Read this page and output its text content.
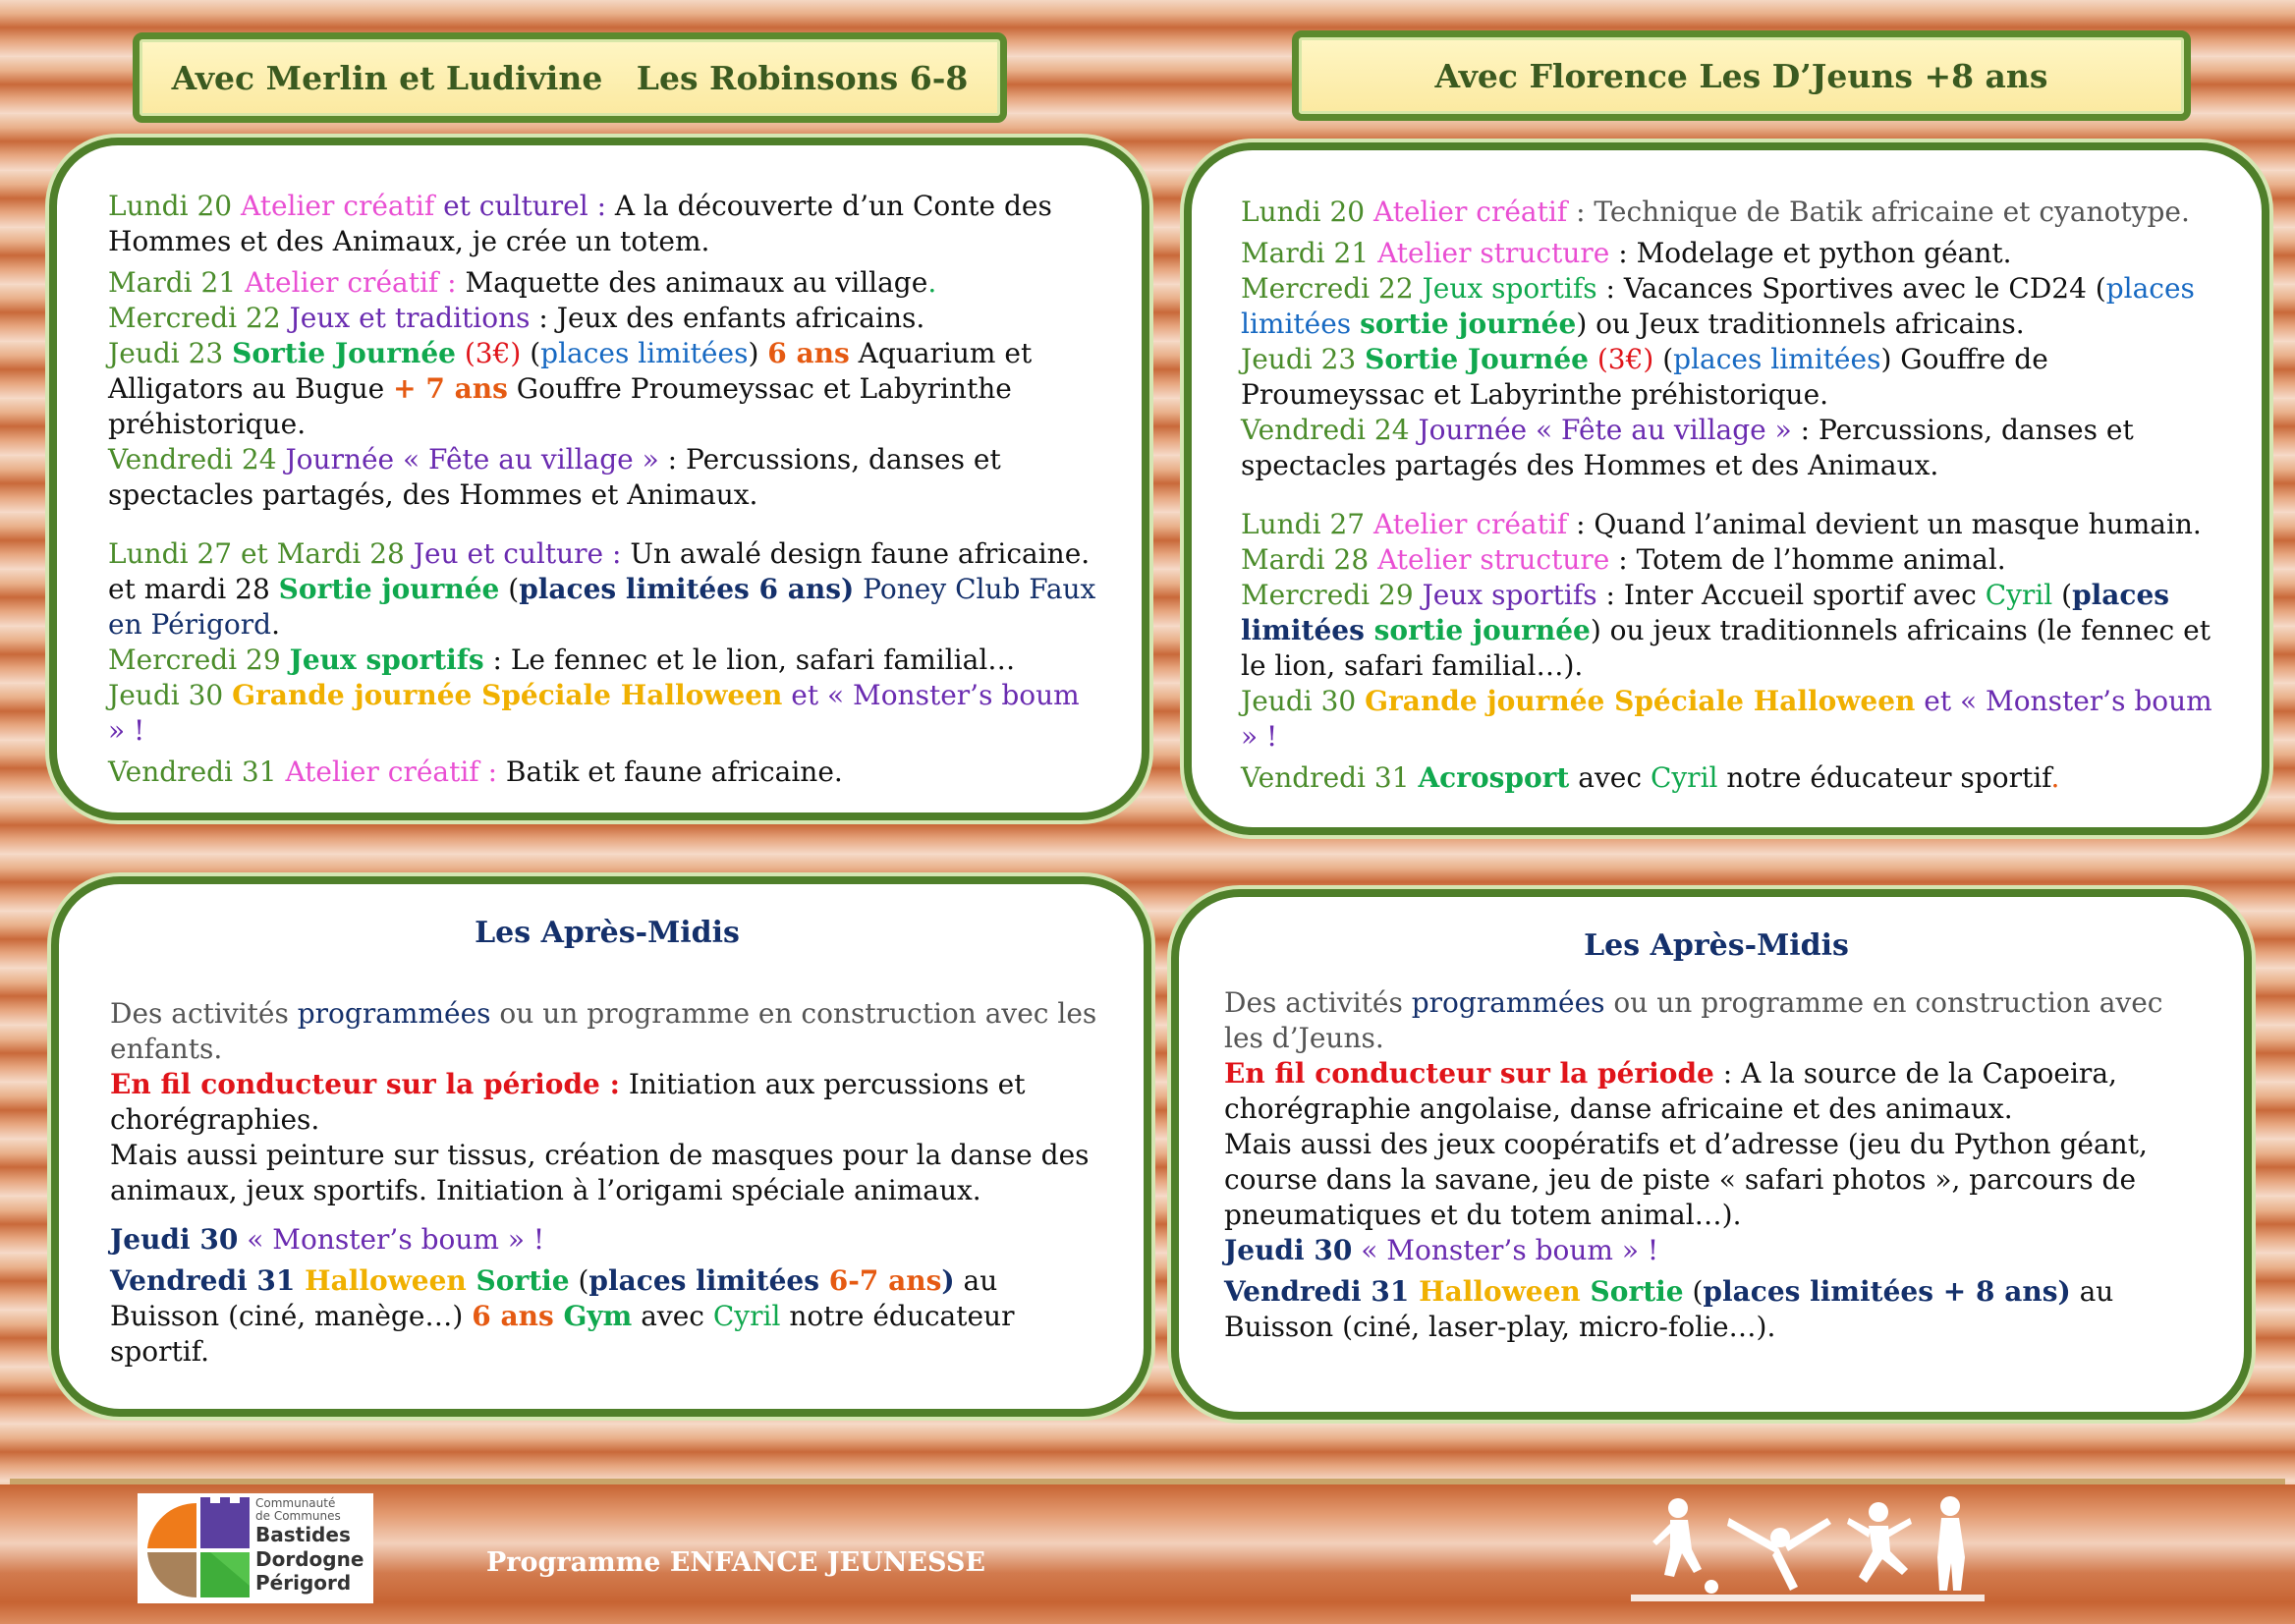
Avec Merlin et Ludivine   Les Robinsons 6-8	Avec Florence Les D’Jeuns +8 ans

Lundi 20 Atelier créatif et culturel : A la découverte d’un Conte des Hommes et des Animaux, je crée un totem.

Mardi 21 Atelier créatif : Maquette des animaux au village.

Mercredi 22 Jeux et traditions : Jeux des enfants africains.

Jeudi 23 Sortie Journée (3€) (places limitées) 6 ans Aquarium et Alligators au Bugue + 7 ans Gouffre Proumeyssac et Labyrinthe préhistorique.

Vendredi 24 Journée « Fête au village » : Percussions, danses et spectacles partagés, des Hommes et Animaux.

Lundi 27 et Mardi 28 Jeu et culture : Un awalé design faune africaine.

et mardi 28 Sortie journée (places limitées 6 ans) Poney Club Faux en Périgord.

Mercredi 29 Jeux sportifs : Le fennec et le lion, safari familial…

Jeudi 30 Grande journée Spéciale Halloween et « Monster’s boum » !

Vendredi 31 Atelier créatif : Batik et faune africaine.

Lundi 20 Atelier créatif : Technique de Batik africaine et cyanotype.

Mardi 21 Atelier structure : Modelage et python géant.

Mercredi 22 Jeux sportifs : Vacances Sportives avec le CD24 (places limitées sortie journée) ou Jeux traditionnels africains.

Jeudi 23 Sortie Journée (3€) (places limitées) Gouffre de Proumeyssac et Labyrinthe préhistorique.

Vendredi 24 Journée « Fête au village » : Percussions, danses et spectacles partagés des Hommes et des Animaux.

Lundi 27 Atelier créatif : Quand l’animal devient un masque humain.

Mardi 28 Atelier structure : Totem de l’homme animal.

Mercredi 29 Jeux sportifs : Inter Accueil sportif avec Cyril (places limitées sortie journée) ou jeux traditionnels africains (le fennec et le lion, safari familial…).

Jeudi 30 Grande journée Spéciale Halloween et « Monster’s boum » !

Vendredi 31 Acrosport avec Cyril notre éducateur sportif.

Les Après-Midis

Des activités programmées ou un programme en construction avec les enfants.

En fil conducteur sur la période : Initiation aux percussions et chorégraphies.

Mais aussi peinture sur tissus, création de masques pour la danse des animaux, jeux sportifs. Initiation à l’origami spéciale animaux.

Jeudi 30 « Monster’s boum » !

Vendredi 31 Halloween Sortie (places limitées 6-7 ans) au Buisson (ciné, manège…) 6 ans Gym avec Cyril notre éducateur sportif.

Les Après-Midis

Des activités programmées ou un programme en construction avec les d’Jeuns.

En fil conducteur sur la période : A la source de la Capoeira, chorégraphie angolaise, danse africaine et des animaux.

Mais aussi des jeux coopératifs et d’adresse (jeu du Python géant, course dans la savane, jeu de piste « safari photos », parcours de pneumatiques et du totem animal…).

Jeudi 30 « Monster’s boum » !

Vendredi 31 Halloween Sortie (places limitées + 8 ans) au Buisson (ciné, laser-play, micro-folie…).

Communauté
de Communes
Bastides
Dordogne
Périgord
Programme ENFANCE JEUNESSE
